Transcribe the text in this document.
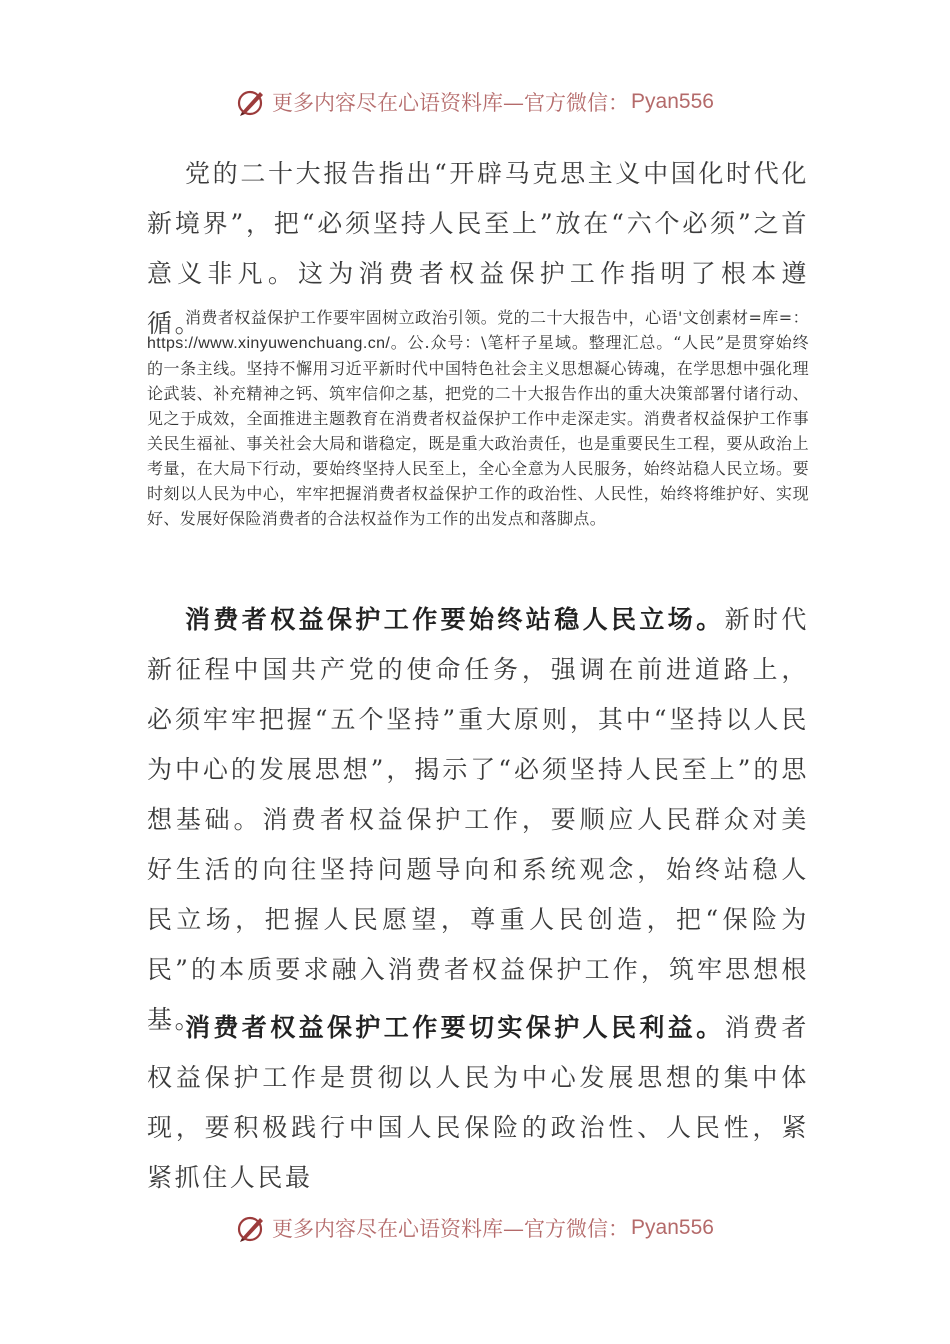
更多内容尽在心语资料库—官方微信： Pyan556

党的二十大报告指出“开辟马克思主义中国化时代化新境界”，把“必须坚持人民至上”放在“六个必须”之首意义非凡。这为消费者权益保护工作指明了根本遵循。

消费者权益保护工作要牢固树立政治引领。党的二十大报告中，心语'文创素材=库=：https://www.xinyuwenchuang.cn/。公.众号：\笔杆子星域。整理汇总。“人民”是贯穿始终的一条主线。坚持不懈用习近平新时代中国特色社会主义思想凝心铸魂，在学思想中强化理论武装、补充精神之钙、筑牢信仰之基，把党的二十大报告作出的重大决策部署付诸行动、见之于成效，全面推进主题教育在消费者权益保护工作中走深走实。消费者权益保护工作事关民生福祉、事关社会大局和谐稳定，既是重大政治责任，也是重要民生工程，要从政治上考量，在大局下行动，要始终坚持人民至上，全心全意为人民服务，始终站稳人民立场。要时刻以人民为中心，牢牢把握消费者权益保护工作的政治性、人民性，始终将维护好、实现好、发展好保险消费者的合法权益作为工作的出发点和落脚点。

消费者权益保护工作要始终站稳人民立场。新时代新征程中国共产党的使命任务，强调在前进道路上，必须牢牢把握“五个坚持”重大原则，其中“坚持以人民为中心的发展思想”，揭示了“必须坚持人民至上”的思想基础。消费者权益保护工作，要顺应人民群众对美好生活的向往坚持问题导向和系统观念，始终站稳人民立场，把握人民愿望，尊重人民创造，把“保险为民”的本质要求融入消费者权益保护工作，筑牢思想根基。

消费者权益保护工作要切实保护人民利益。消费者权益保护工作是贯彻以人民为中心发展思想的集中体现，要积极践行中国人民保险的政治性、人民性，紧紧抓住人民最

更多内容尽在心语资料库—官方微信： Pyan556
